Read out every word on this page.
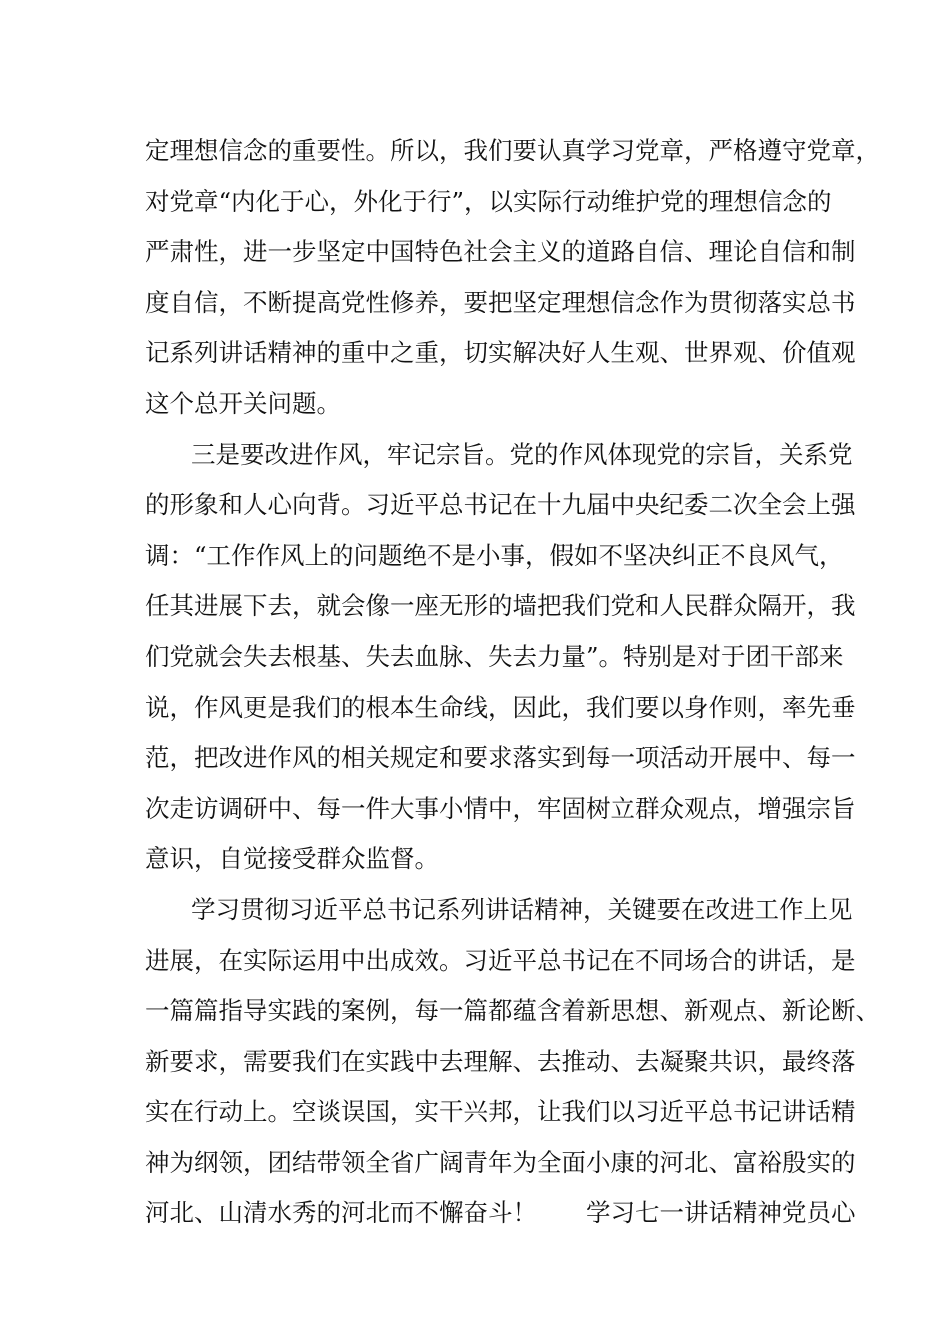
定理想信念的重要性。所以，我们要认真学习党章，严格遵守党章，
对党章“内化于心，外化于行”，以实际行动维护党的理想信念的
严肃性，进一步坚定中国特色社会主义的道路自信、理论自信和制
度自信，不断提高党性修养，要把坚定理想信念作为贯彻落实总书
记系列讲话精神的重中之重，切实解决好人生观、世界观、价值观
这个总开关问题。
三是要改进作风，牢记宗旨。党的作风体现党的宗旨，关系党
的形象和人心向背。习近平总书记在十九届中央纪委二次全会上强
调：“工作作风上的问题绝不是小事，假如不坚决纠正不良风气，
任其进展下去，就会像一座无形的墙把我们党和人民群众隔开，我
们党就会失去根基、失去血脉、失去力量”。特别是对于团干部来
说，作风更是我们的根本生命线，因此，我们要以身作则，率先垂
范，把改进作风的相关规定和要求落实到每一项活动开展中、每一
次走访调研中、每一件大事小情中，牢固树立群众观点，增强宗旨
意识，自觉接受群众监督。
学习贯彻习近平总书记系列讲话精神，关键要在改进工作上见
进展，在实际运用中出成效。习近平总书记在不同场合的讲话，是
一篇篇指导实践的案例，每一篇都蕴含着新思想、新观点、新论断、
新要求，需要我们在实践中去理解、去推动、去凝聚共识，最终落
实在行动上。空谈误国，实干兴邦，让我们以习近平总书记讲话精
神为纲领，团结带领全省广阔青年为全面小康的河北、富裕殷实的
河北、山清水秀的河北而不懈奋斗！　　学习七一讲话精神党员心
